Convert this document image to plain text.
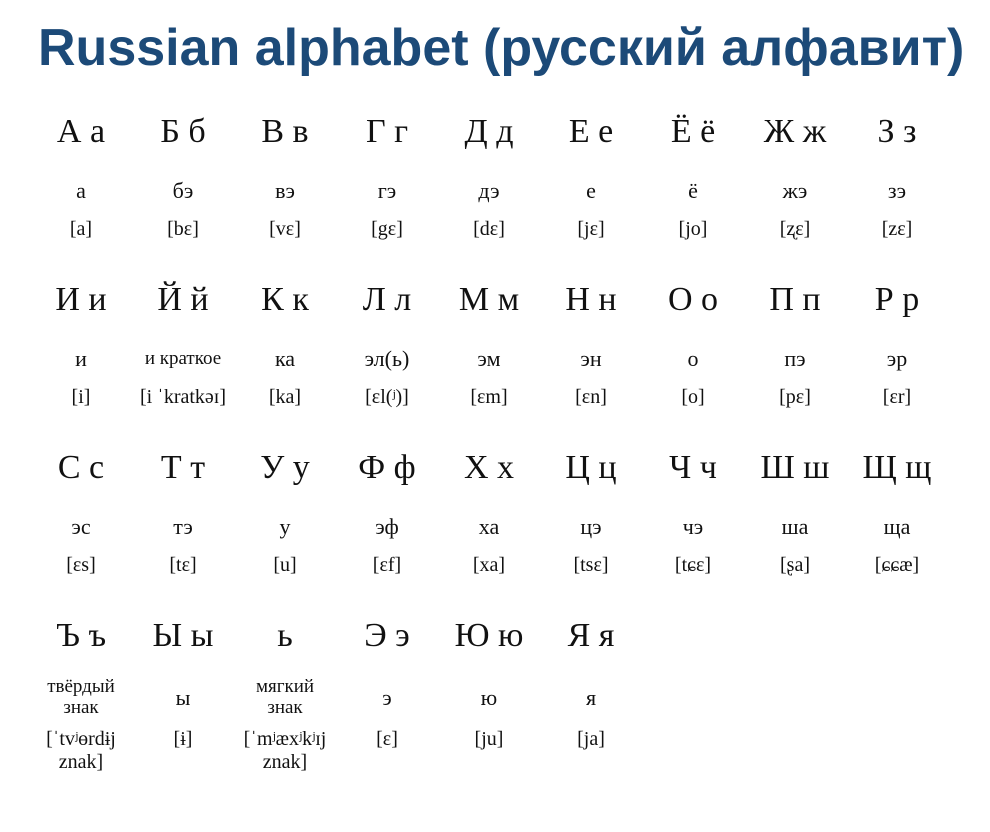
Russian alphabet (русский алфавит)
А а
а
[a]
Б б
бэ
[bɛ]
В в
вэ
[vɛ]
Г г
гэ
[gɛ]
Д д
дэ
[dɛ]
Е е
е
[jɛ]
Ё ё
ё
[jo]
Ж ж
жэ
[ʐɛ]
З з
зэ
[zɛ]
И и
и
[i]
Й й
и краткое
[i ˈkratkəɪ]
К к
ка
[ka]
Л л
эл(ь)
[ɛl(ʲ)]
М м
эм
[ɛm]
Н н
эн
[ɛn]
О о
о
[o]
П п
пэ
[pɛ]
Р р
эр
[ɛr]
С с
эс
[ɛs]
Т т
тэ
[tɛ]
У у
у
[u]
Ф ф
эф
[ɛf]
Х х
ха
[xa]
Ц ц
цэ
[tsɛ]
Ч ч
чэ
[tɕɛ]
Ш ш
ша
[ʂa]
Щ щ
ща
[ɕɕæ]
Ъ ъ
твёрдый
знак
[ˈtvʲɵrdɨj
znak]
Ы ы
ы
[ɨ]
ь
мягкий
знак
[ˈmʲæxʲkʲɪj
znak]
Э э
э
[ɛ]
Ю ю
ю
[ju]
Я я
я
[ja]
